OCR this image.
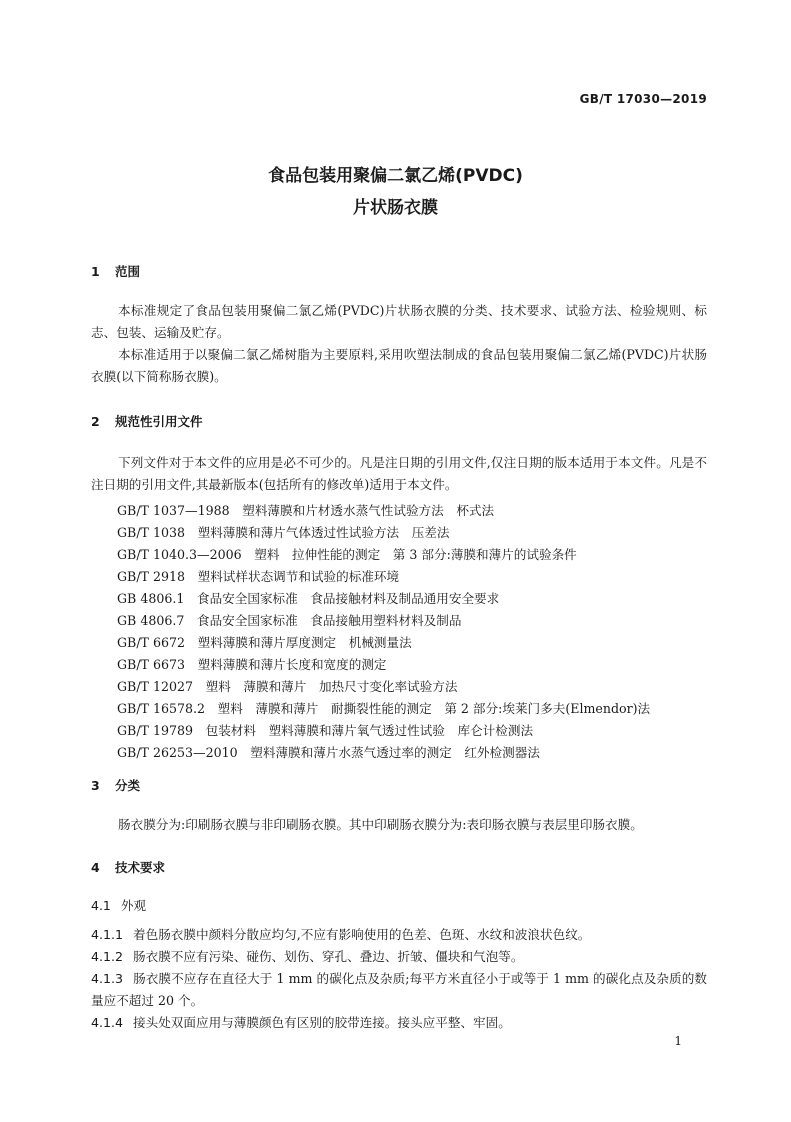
GB/T 17030—2019
食品包装用聚偏二氯乙烯(PVDC)
片状肠衣膜
1 范围
本标准规定了食品包装用聚偏二氯乙烯(PVDC)片状肠衣膜的分类、技术要求、试验方法、检验规则、标志、包装、运输及贮存。
本标准适用于以聚偏二氯乙烯树脂为主要原料,采用吹塑法制成的食品包装用聚偏二氯乙烯(PVDC)片状肠衣膜(以下简称肠衣膜)。
2 规范性引用文件
下列文件对于本文件的应用是必不可少的。凡是注日期的引用文件,仅注日期的版本适用于本文件。凡是不注日期的引用文件,其最新版本(包括所有的修改单)适用于本文件。
GB/T 1037—1988　塑料薄膜和片材透水蒸气性试验方法　杯式法
GB/T 1038　塑料薄膜和薄片气体透过性试验方法　压差法
GB/T 1040.3—2006　塑料　拉伸性能的测定　第 3 部分:薄膜和薄片的试验条件
GB/T 2918　塑料试样状态调节和试验的标准环境
GB 4806.1　食品安全国家标准　食品接触材料及制品通用安全要求
GB 4806.7　食品安全国家标准　食品接触用塑料材料及制品
GB/T 6672　塑料薄膜和薄片厚度测定　机械测量法
GB/T 6673　塑料薄膜和薄片长度和宽度的测定
GB/T 12027　塑料　薄膜和薄片　加热尺寸变化率试验方法
GB/T 16578.2　塑料　薄膜和薄片　耐撕裂性能的测定　第 2 部分:埃莱门多夫(Elmendor)法
GB/T 19789　包装材料　塑料薄膜和薄片氧气透过性试验　库仑计检测法
GB/T 26253—2010　塑料薄膜和薄片水蒸气透过率的测定　红外检测器法
3 分类
肠衣膜分为:印刷肠衣膜与非印刷肠衣膜。其中印刷肠衣膜分为:表印肠衣膜与表层里印肠衣膜。
4 技术要求
4.1 外观
4.1.1 着色肠衣膜中颜料分散应均匀,不应有影响使用的色差、色斑、水纹和波浪状色纹。
4.1.2 肠衣膜不应有污染、碰伤、划伤、穿孔、叠边、折皱、僵块和气泡等。
4.1.3 肠衣膜不应存在直径大于 1 mm 的碳化点及杂质;每平方米直径小于或等于 1 mm 的碳化点及杂质的数量应不超过 20 个。
4.1.4 接头处双面应用与薄膜颜色有区别的胶带连接。接头应平整、牢固。
1
